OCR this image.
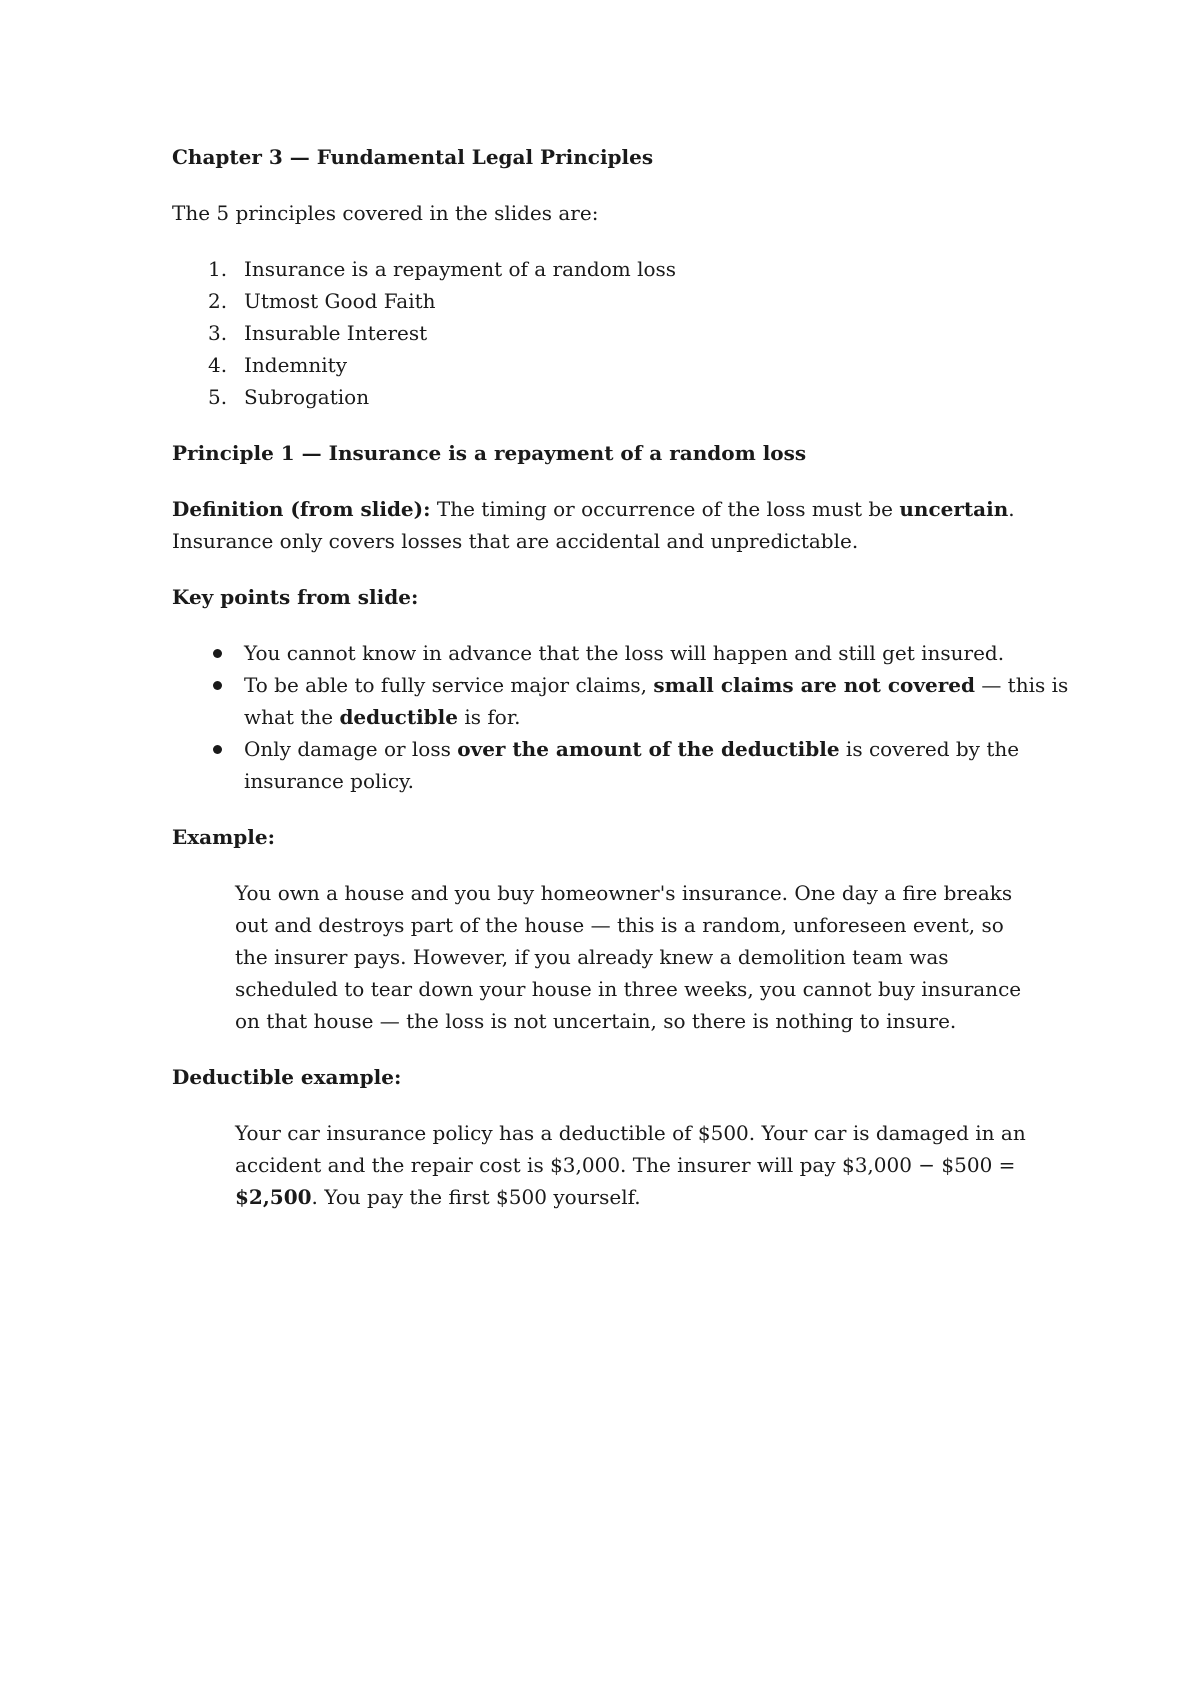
Chapter 3 — Fundamental Legal Principles

The 5 principles covered in the slides are:

1. Insurance is a repayment of a random loss
2. Utmost Good Faith
3. Insurable Interest
4. Indemnity
5. Subrogation

Principle 1 — Insurance is a repayment of a random loss

Definition (from slide): The timing or occurrence of the loss must be uncertain. Insurance only covers losses that are accidental and unpredictable.

Key points from slide:

You cannot know in advance that the loss will happen and still get insured.
To be able to fully service major claims, small claims are not covered — this is what the deductible is for.
Only damage or loss over the amount of the deductible is covered by the insurance policy.

Example:

You own a house and you buy homeowner's insurance. One day a fire breaks out and destroys part of the house — this is a random, unforeseen event, so the insurer pays. However, if you already knew a demolition team was scheduled to tear down your house in three weeks, you cannot buy insurance on that house — the loss is not uncertain, so there is nothing to insure.

Deductible example:

Your car insurance policy has a deductible of $500. Your car is damaged in an accident and the repair cost is $3,000. The insurer will pay $3,000 − $500 = $2,500. You pay the first $500 yourself.
